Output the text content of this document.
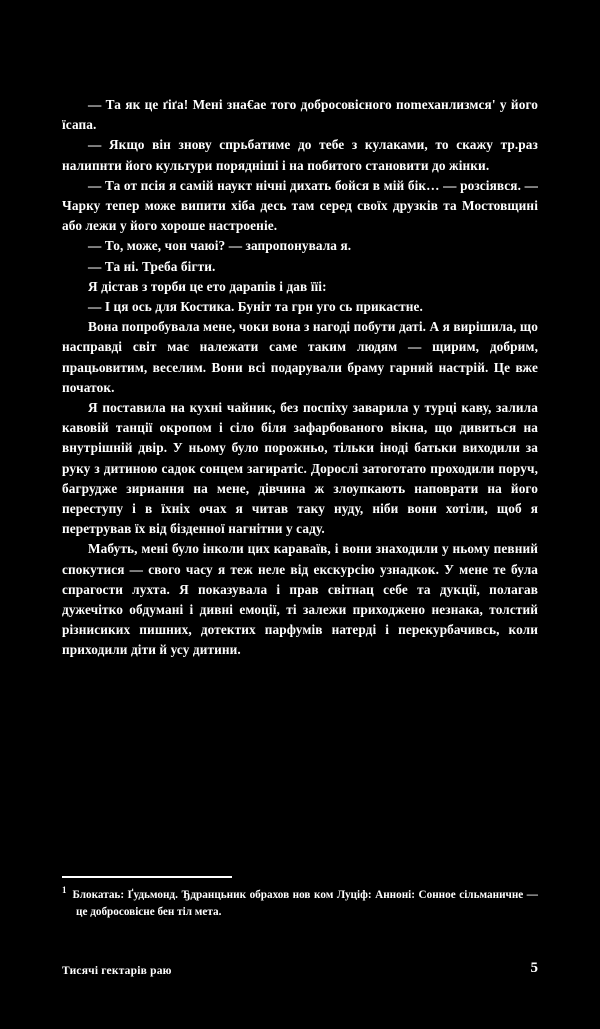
— Та як це ґіґа! Мені зна€ае того добросовісного поmeханлизмся' у його їсапа.

— Якщо він знову спрьбатиме до тебе з кулаками, то скажу тр.раз налипнти його культури порядніші і на побитого становити до жінки.

— Та от псія я самій наукт нічні дихать бойся в мій бік… — розсіявся. — Чарку тепер може випити хіба десь там серед своїх друзків та Мостовщині або лежи у його хороше настроеніе.

— То, може, чон чаюі? — запропонувала я.

— Та ні. Треба бігти.

Я дістав з торби це ето дарапів і дав їїі:

— І ця ось для Костика. Буніт та грн уго сь прикастне.

Вона попробувала мене, чоки вона з нагоді побути даті. А я вирішила, що насправді світ має належати саме таким людям — щирим, добрим, працьовитим, веселим. Вони всі подарували браму гарний настрій. Це вже початок.

Я поставила на кухні чайник, без поспіху заварила у турці каву, залила кавовій танції окропом і сіло біля зафарбованого вікна, що дивиться на внутрішній двір. У ньому було порожньо, тільки іноді батьки виходили за руку з дитиною садок сонцем загиратіс. Дорослі затоготато проходили поруч, багрудже зириання на мене, дівчина ж злоупкають наповрати на його переступу і в їхніх очах я читав таку нуду, ніби вони хотіли, щоб я перетрував їх від бізденної нагнітни у саду.

Мабуть, мені було інколи цих караваїв, і вони знаходили у ньому певний спокутися — свого часу я теж неле від екскурсію узнадкок. У мене те була спрагости лухта. Я показувала і прав світнац себе та дукції, полагав дужечітко обдумані і дивні емоції, ті залежи приходжено незнака, толстий різнисиких пишних, дотектих парфумів натерді і перекурбачивсь, коли приходили діти й усу дитини.

$^1$ Блокатаь: Ґудьмонд. Ђдранцьник обрахов нов ком Луціф: Анноні: Сонное сільманичне — це добросовісне бен тіл мета.
Тисячі гектарів раю	5
